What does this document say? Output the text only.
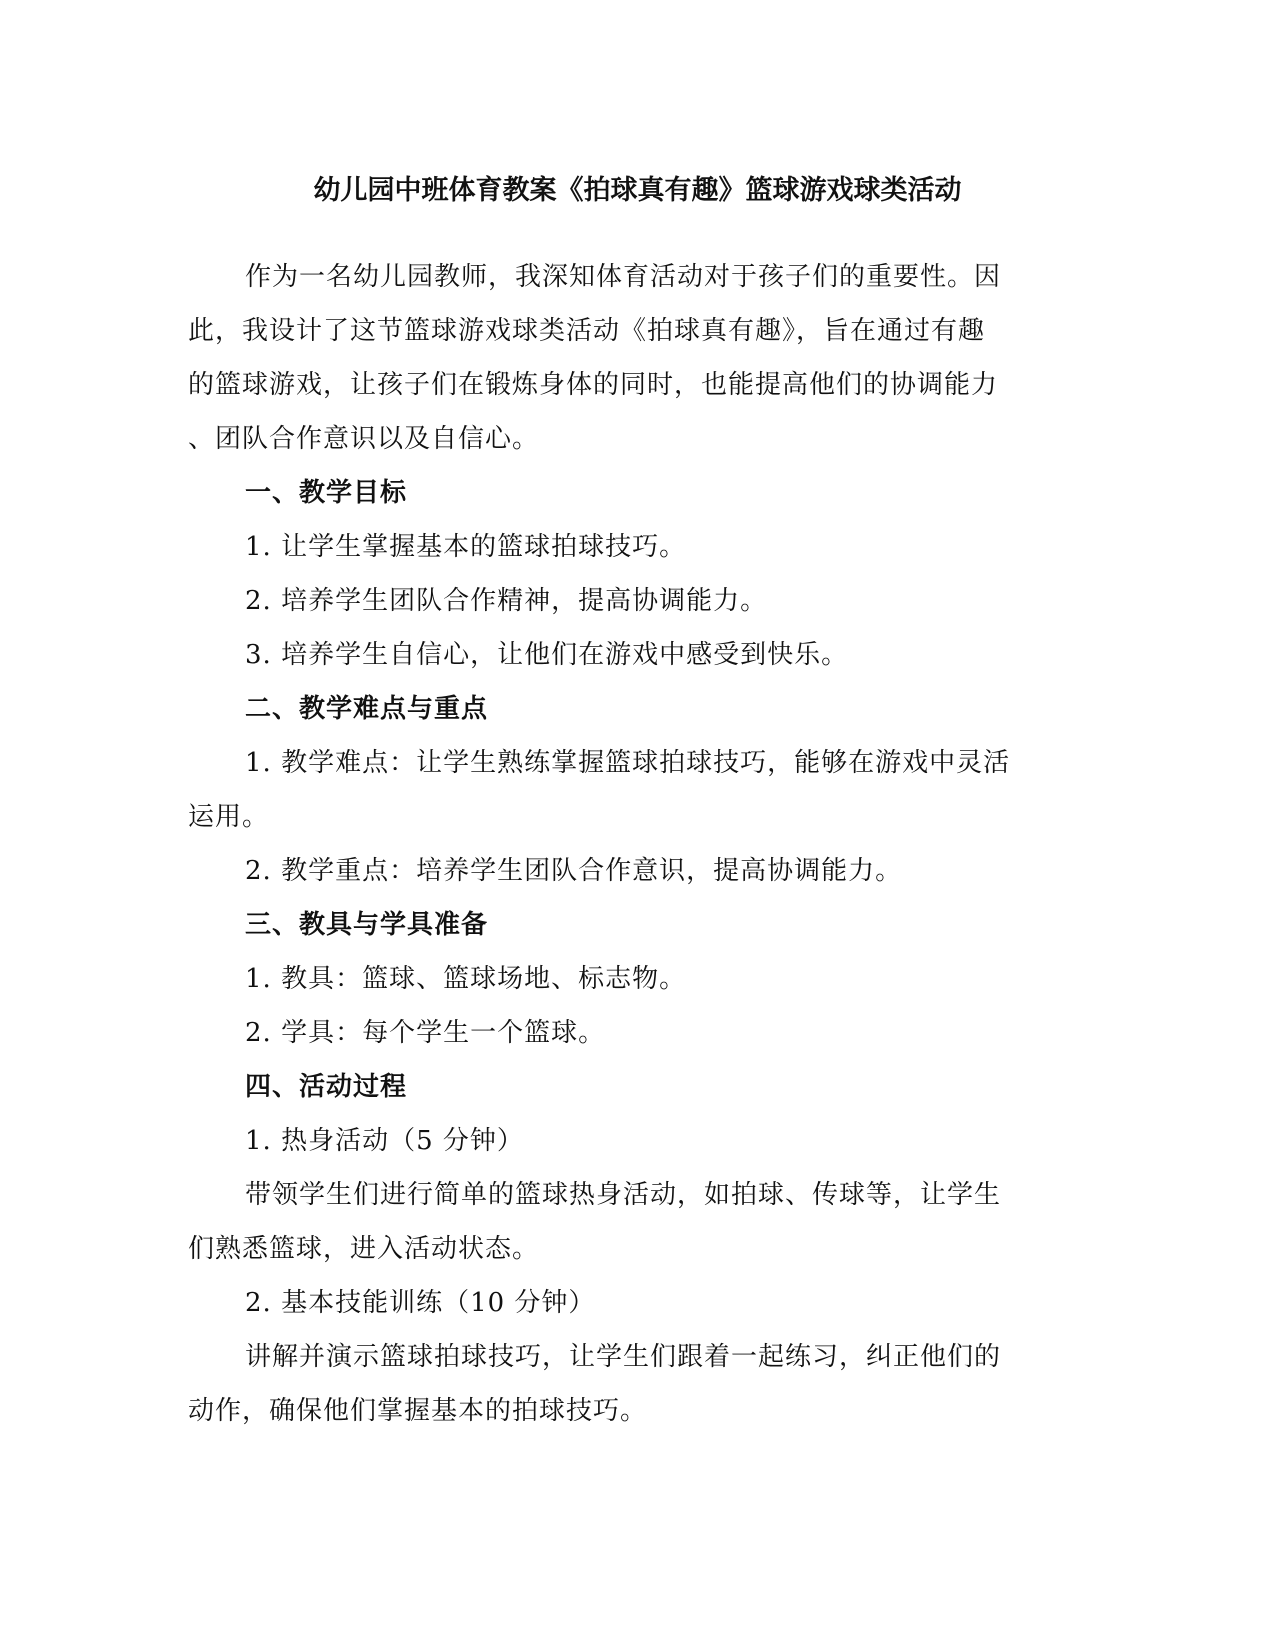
幼儿园中班体育教案《拍球真有趣》篮球游戏球类活动
作为一名幼儿园教师，我深知体育活动对于孩子们的重要性。因
此，我设计了这节篮球游戏球类活动《拍球真有趣》，旨在通过有趣
的篮球游戏，让孩子们在锻炼身体的同时，也能提高他们的协调能力
、团队合作意识以及自信心。
一、教学目标
1. 让学生掌握基本的篮球拍球技巧。
2. 培养学生团队合作精神，提高协调能力。
3. 培养学生自信心，让他们在游戏中感受到快乐。
二、教学难点与重点
1. 教学难点：让学生熟练掌握篮球拍球技巧，能够在游戏中灵活
运用。
2. 教学重点：培养学生团队合作意识，提高协调能力。
三、教具与学具准备
1. 教具：篮球、篮球场地、标志物。
2. 学具：每个学生一个篮球。
四、活动过程
1. 热身活动（5 分钟）
带领学生们进行简单的篮球热身活动，如拍球、传球等，让学生
们熟悉篮球，进入活动状态。
2. 基本技能训练（10 分钟）
讲解并演示篮球拍球技巧，让学生们跟着一起练习，纠正他们的
动作，确保他们掌握基本的拍球技巧。
